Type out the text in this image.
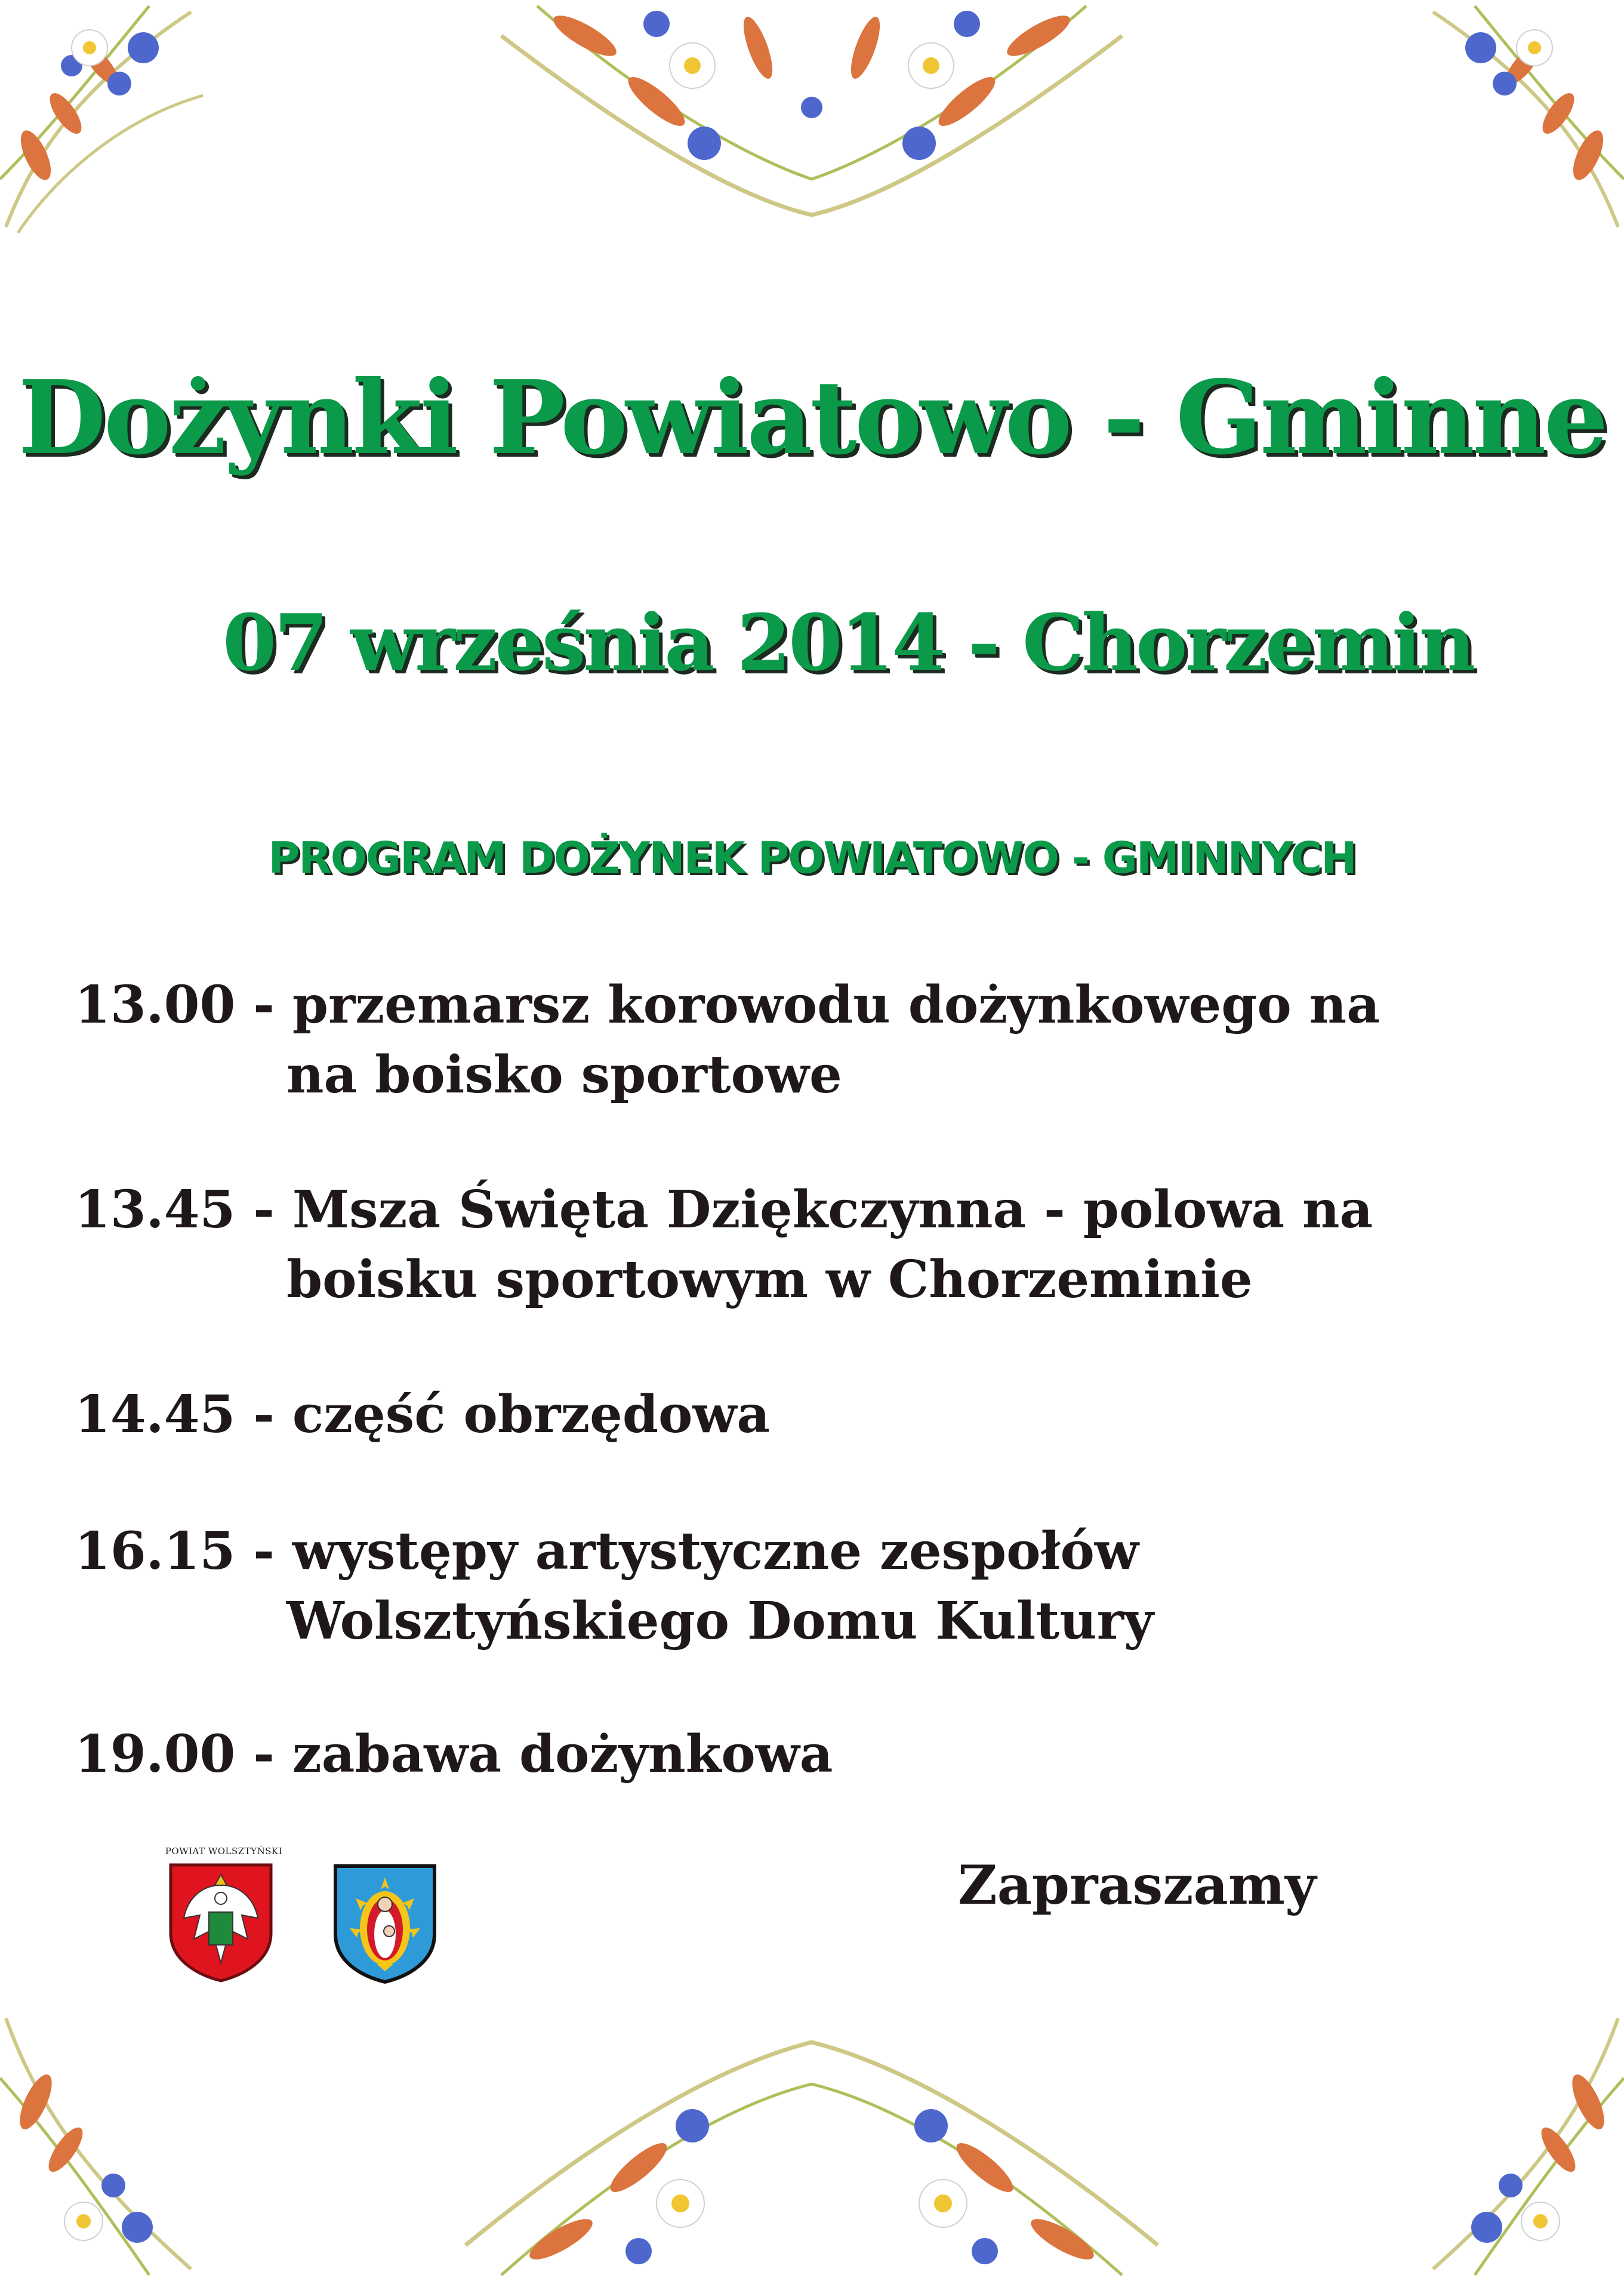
Dożynki Powiatowo - Gminne
07 września 2014 - Chorzemin
PROGRAM DOŻYNEK POWIATOWO - GMINNYCH
13.00 - przemarsz korowodu dożynkowego na
na boisko sportowe
13.45 - Msza Święta Dziękczynna - polowa na
boisku sportowym w Chorzeminie
14.45 - część obrzędowa
16.15 - występy artystyczne zespołów
Wolsztyńskiego Domu Kultury
19.00 - zabawa dożynkowa
POWIAT WOLSZTYŃSKI
Zapraszamy
